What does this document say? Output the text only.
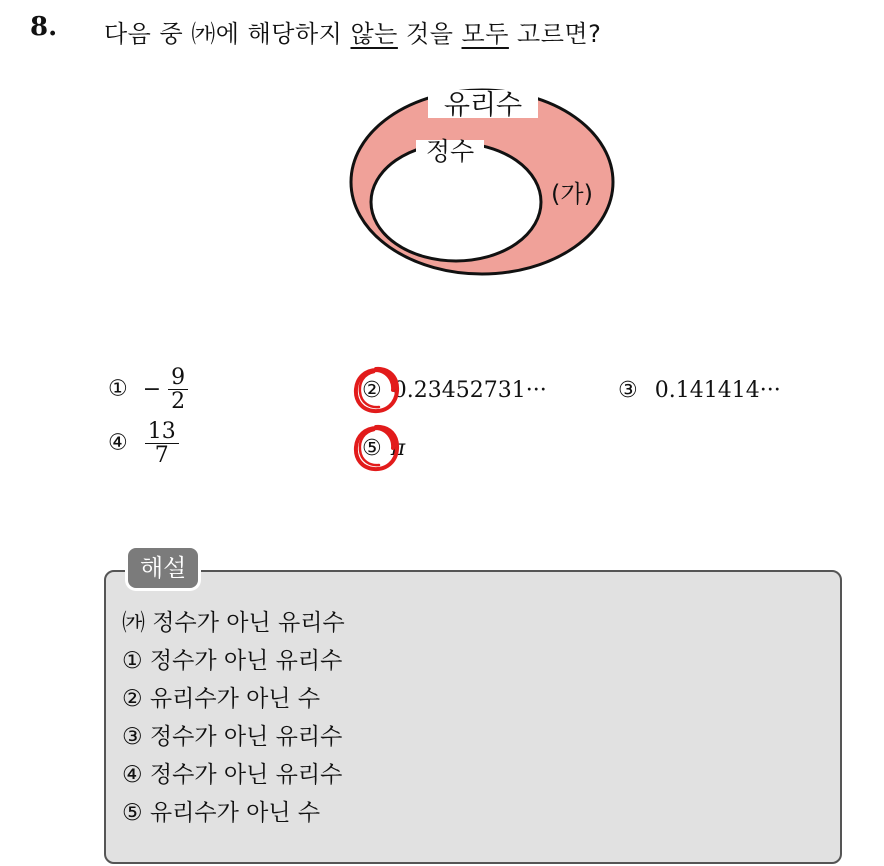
8. 다음 중 ㈎에 해당하지 않는 것을 모두 고르면?
유리수
정수
(가)
① − $\frac{9}{2}$	② 0.23452731···	③ 0.141414···
④ $\frac{13}{7}$	⑤ π
해설
㈎ 정수가 아닌 유리수
① 정수가 아닌 유리수
② 유리수가 아닌 수
③ 정수가 아닌 유리수
④ 정수가 아닌 유리수
⑤ 유리수가 아닌 수
